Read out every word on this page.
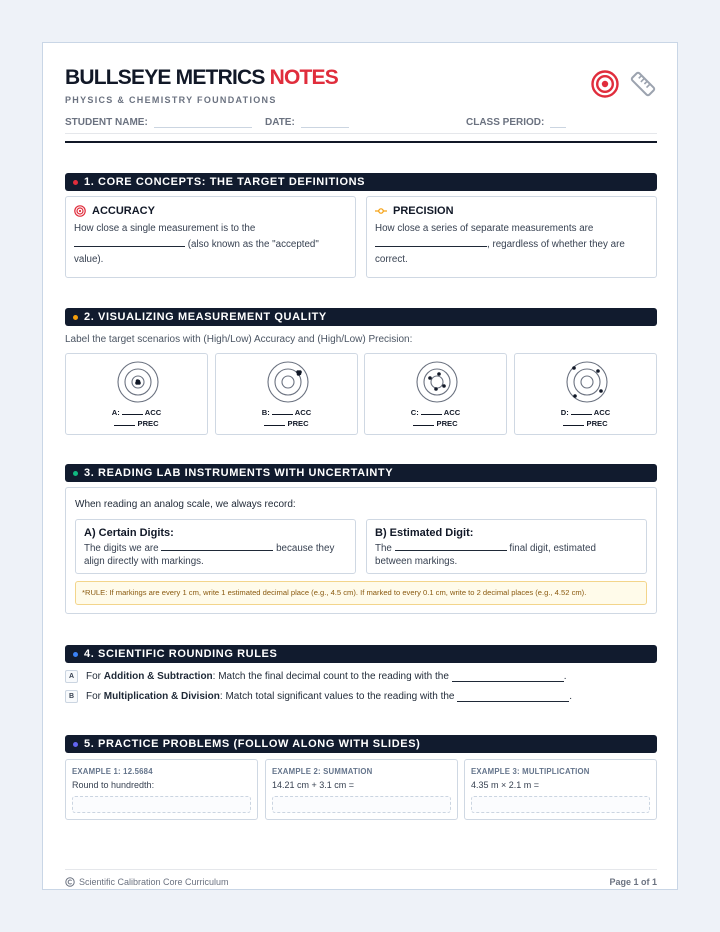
BULLSEYE METRICS NOTES
PHYSICS & CHEMISTRY FOUNDATIONS
STUDENT NAME:	DATE:	CLASS PERIOD:
1. CORE CONCEPTS: THE TARGET DEFINITIONS
ACCURACY
How close a single measurement is to the
(also known as the "accepted"
value).
PRECISION
How close a series of separate measurements are
, regardless of whether they are
correct.
2. VISUALIZING MEASUREMENT QUALITY
Label the target scenarios with (High/Low) Accuracy and (High/Low) Precision:
A:	ACC
PREC
B:	ACC
PREC
C:	ACC
PREC
D:	ACC
PREC
3. READING LAB INSTRUMENTS WITH UNCERTAINTY
When reading an analog scale, we always record:
A) Certain Digits:
The digits we are	because they
align directly with markings.
B) Estimated Digit:
The	final digit, estimated
between markings.
*RULE: If markings are every 1 cm, write 1 estimated decimal place (e.g., 4.5 cm). If marked to every 0.1 cm, write to 2 decimal places (e.g., 4.52 cm).
4. SCIENTIFIC ROUNDING RULES
A	For Addition & Subtraction : Match the final decimal count to the reading with the
	.
B	For Multiplication & Division : Match total significant values to the reading with the
	.
5. PRACTICE PROBLEMS (FOLLOW ALONG WITH SLIDES)
EXAMPLE 1: 12.5684
Round to hundredth:
EXAMPLE 2: SUMMATION
14.21 cm + 3.1 cm =
EXAMPLE 3: MULTIPLICATION
4.35 m × 2.1 m =
Scientific Calibration Core Curriculum	Page 1 of 1
